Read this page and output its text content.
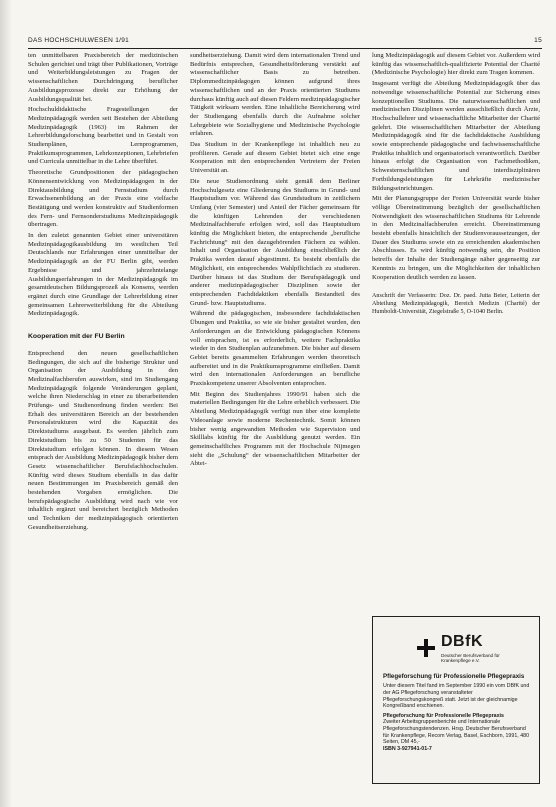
DAS HOCHSCHULWESEN 1/91	15

ten unmittelbaren Praxisbereich der medizinischen Schulen gerichtet und trägt über Publikationen, Vorträge und Weiterbildungsleistungen zu Fragen der wissenschaftlichen Durchdringung beruflicher Ausbildungsprozesse direkt zur Erhöhung der Ausbildungsqualität bei.

Hochschuldidaktische Fragestellungen der Medizinpädagogik werden seit Bestehen der Abteilung Medizinpädagogik (1963) im Rahmen der Lehrerbildungsforschung bearbeitet und in Gestalt von Studienplänen, Lernprogrammen, Praktikumsprogrammen, Lehrkonzeptionen, Lehrbriefen und Curricula unmittelbar in die Lehre überführt.

Theoretische Grundpositionen der pädagogischen Könnensentwicklung von Medizinpädagogen in der Direktausbildung und Fernstudium durch Erwachsenenbildung an der Praxis eine vielfache Bestätigung und werden konstruktiv auf Studienformen des Fern- und Fernsonderstudiums Medizinpädagogik übertragen.

In den zuletzt genannten Gebiet einer universitären Medizinpädagogikausbildung im westlichen Teil Deutschlands nur Erfahrungen einer unmittelbar der Medizinpädagogik an der FU Berlin gibt, werden Ergebnisse und jahrzehntelange Ausbildungserfahrungen in der Medizinpädagogik im gesamtdeutschen Bildungsprozeß als Konsens, werden ergänzt durch eine Grundlage der Lehrerbildung einer gemeinsamen Lehrerweiterbildung für die Abteilung Medizinpädagogik.

Kooperation mit der FU Berlin

Entsprechend den neuen gesellschaftlichen Bedingungen, die sich auf die bisherige Struktur und Organisation der Ausbildung in den Medizinalfachberufen auswirken, sind im Studiengang Medizinpädagogik folgende Veränderungen geplant, welche ihren Niederschlag in einer zu überarbeitenden Prüfungs- und Studienordnung finden werden: Bei Erhalt des universitären Bereich an der bestehenden Personalstrukturen wird die Kapazität des Direktstudiums ausgebaut. Es werden jährlich zum Direktstudium bis zu 50 Studenten für das Direktstudium erfolgen können. In diesem Wesen entsprach der Ausbildung Medizinpädagogik bisher dem Gesetz wissenschaftlicher Berufsfachhochschulen. Künftig wird dieses Studium ebenfalls in das dafür neuen Bestimmungen im Praxisbereich gemäß den bestehenden Vorgaben ermöglichen. Die berufspädagogische Ausbildung wird nach wie vor inhaltlich ergänzt und bereichert bezüglich Methoden und Techniken der medizinpädagogisch orientierten Gesundheitserziehung.

sundheitserziehung. Damit wird dem internationalen Trend und Bedürfnis entsprechen, Gesundheitsförderung verstärkt auf wissenschaftlicher Basis zu betreiben. Diplommedizinpädagogen können aufgrund ihres wissenschaftlichen und an der Praxis orientierten Studiums durchaus künftig auch auf diesen Feldern medizinpädagogischer Tätigkeit wirksam werden. Eine inhaltliche Bereicherung wird der Studiengang ebenfalls durch die Aufnahme solcher Lehrgebiete wie Sozialhygiene und Medizinische Psychologie erfahren.

Das Studium in der Krankenpflege ist inhaltlich neu zu profilieren. Gerade auf diesem Gebiet bietet sich eine enge Kooperation mit den entsprechenden Vertretern der Freien Universität an.

Die neue Studienordnung sieht gemäß dem Berliner Hochschulgesetz eine Gliederung des Studiums in Grund- und Hauptstudium vor. Während das Grundstudium in zeitlichem Umfang (vier Semester) und Anteil der Fächer gemeinsam für die künftigen Lehrenden der verschiedenen Medizinalfachberufe erfolgen wird, soll das Hauptstudium künftig die Möglichkeit bieten, die entsprechende „berufliche Fachrichtung“ mit den dazugehörenden Fächern zu wählen. Inhalt und Organisation der Ausbildung einschließlich der Praktika werden darauf abgestimmt. Es besteht ebenfalls die Möglichkeit, ein entsprechendes Wahlpflichtfach zu studieren. Darüber hinaus ist das Studium der Berufspädagogik und anderer medizinpädagogischer Disziplinen sowie der entsprechenden Fachdidaktiken ebenfalls Bestandteil des Grund- bzw. Hauptstudiums.

Während die pädagogischen, insbesondere fachdidaktischen Übungen und Praktika, so wie sie bisher gestaltet wurden, den Anforderungen an die Entwicklung pädagogischen Könnens voll entsprachen, ist es erforderlich, weitere Fachpraktika wieder in den Studienplan aufzunehmen. Die bisher auf diesem Gebiet bereits gesammelten Erfahrungen werden theoretisch aufbereitet und in die Praktikumsprogramme einfließen. Damit wird den internationalen Anforderungen an berufliche Praxiskompetenz unserer Absolventen entsprochen.

Mit Beginn des Studienjahres 1990/91 haben sich die materiellen Bedingungen für die Lehre erheblich verbessert. Die Abteilung Medizinpädagogik verfügt nun über eine komplette Videoanlage sowie moderne Rechentechnik. Somit können bisher wenig angewandten Methoden wie Supervision und Skilllabs künftig für die Ausbildung genutzt werden. Ein gemeinschaftliches Programm mit der Hochschule Nijmegen sieht die „Schulung“ der wissenschaftlichen Mitarbeiter der Abtei-

lung Medizinpädagogik auf diesem Gebiet vor. Außerdem wird künftig das wissenschaftlich-qualifizierte Potential der Charité (Medizinische Psychologie) hier direkt zum Tragen kommen.

Insgesamt verfügt die Abteilung Medizinpädagogik über das notwendige wissenschaftliche Potential zur Sicherung eines konzeptionellen Studiums. Die naturwissenschaftlichen und medizinischen Disziplinen werden ausschließlich durch Ärzte, Hochschullehrer und wissenschaftliche Mitarbeiter der Charité gelehrt. Die wissenschaftlichen Mitarbeiter der Abteilung Medizinpädagogik sind für die fachdidaktische Ausbildung sowie entsprechende pädagogische und fachwissenschaftliche Praktika inhaltlich und organisatorisch verantwortlich. Darüber hinaus erfolgt die Organisation von Fachmethodiken, Schwesternschaftlichen und interdisziplinären Fortbildungsleistungen für Lehrkräfte medizinischer Bildungseinrichtungen.

Mit der Planungsgruppe der Freien Universität wurde bisher völlige Übereinstimmung bezüglich der gesellschaftlichen Notwendigkeit des wissenschaftlichen Studiums für Lehrende in den Medizinalfachberufen erreicht. Übereinstimmung besteht ebenfalls hinsichtlich der Studienvoraussetzungen, der Dauer des Studiums sowie ein zu erreichenden akademischen Abschlusses. Es wird künftig notwendig sein, die Position betreffs der Inhalte der Studiengänge näher gegenseitig zur Kenntnis zu bringen, um die Möglichkeiten der inhaltlichen Kooperation deutlich werden zu lassen.

Anschrift der Verfasserin: Doz. Dr. paed. Jutta Beier, Leiterin der Abteilung Medizinpädagogik, Bereich Medizin (Charité) der Humboldt-Universität, Ziegelstraße 5, O-1040 Berlin.
DBfK
Deutscher Berufsverband für Krankenpflege e.V.
Pflegeforschung für Professionelle Pflegepraxis
Unter diesem Titel fand im September 1990 ein vom DBfK und der AG Pflegeforschung veranstalteter Pflegeforschungskongreß statt. Jetzt ist der gleichnamige Kongreßband erschienen.
Pflegeforschung für Professionelle Pflegepraxis
Zweiter Arbeitsgruppenberichte und Internationale Pflegeforschungstendenzen. Hrsg. Deutscher Berufsverband für Krankenpflege, Recom Verlag, Basel, Eschborn, 1991, 480 Seiten, DM 45,-
ISBN 3-927941-01-7
